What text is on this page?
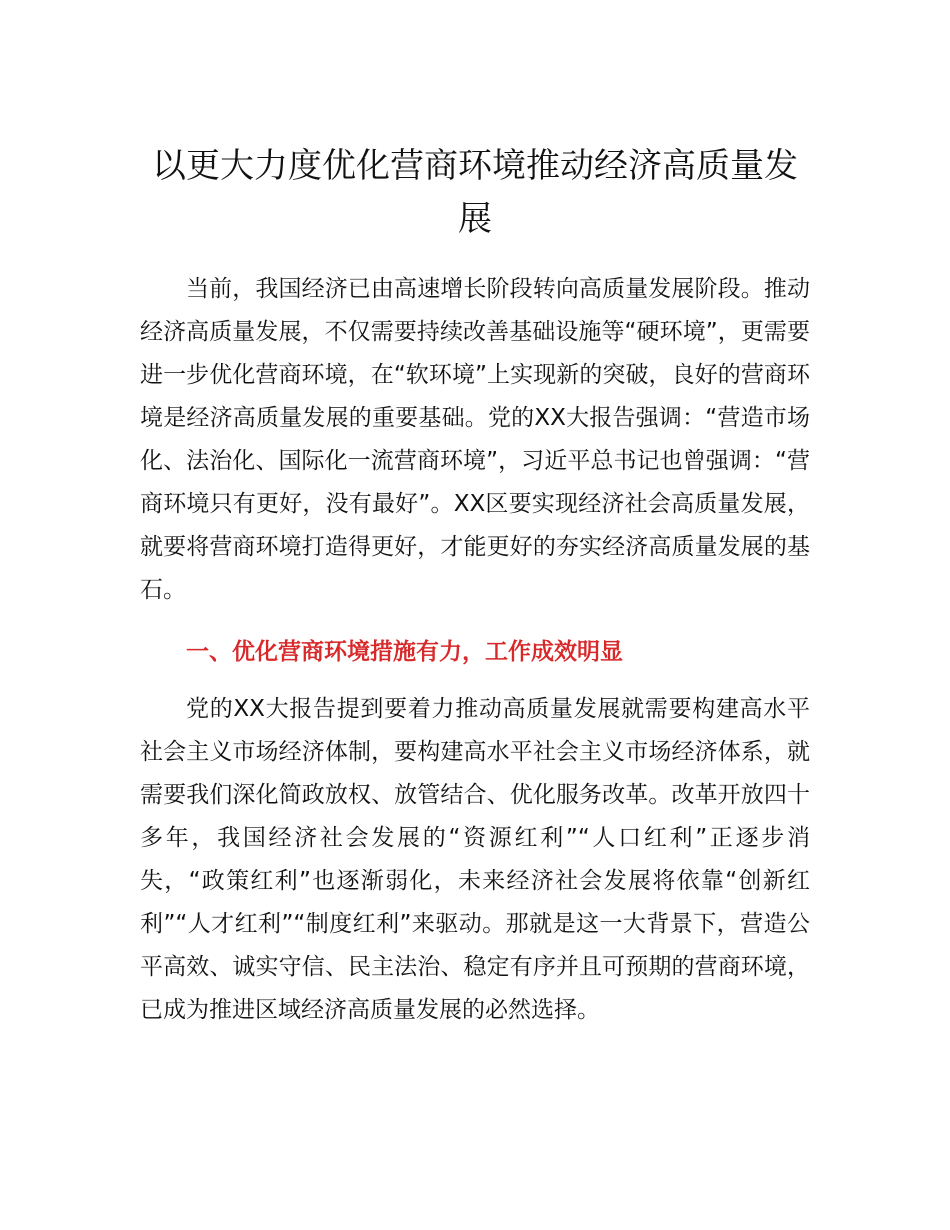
以更大力度优化营商环境推动经济高质量发展

当前，我国经济已由高速增长阶段转向高质量发展阶段。推动经济高质量发展，不仅需要持续改善基础设施等“硬环境”，更需要进一步优化营商环境，在“软环境”上实现新的突破，良好的营商环境是经济高质量发展的重要基础。党的XX大报告强调：“营造市场化、法治化、国际化一流营商环境”，习近平总书记也曾强调：“营商环境只有更好，没有最好”。XX区要实现经济社会高质量发展，就要将营商环境打造得更好，才能更好的夯实经济高质量发展的基石。

一、优化营商环境措施有力，工作成效明显

党的XX大报告提到要着力推动高质量发展就需要构建高水平社会主义市场经济体制，要构建高水平社会主义市场经济体系，就需要我们深化简政放权、放管结合、优化服务改革。改革开放四十多年，我国经济社会发展的“资源红利”“人口红利”正逐步消失，“政策红利”也逐渐弱化，未来经济社会发展将依靠“创新红利”“人才红利”“制度红利”来驱动。那就是这一大背景下，营造公平高效、诚实守信、民主法治、稳定有序并且可预期的营商环境，已成为推进区域经济高质量发展的必然选择。
